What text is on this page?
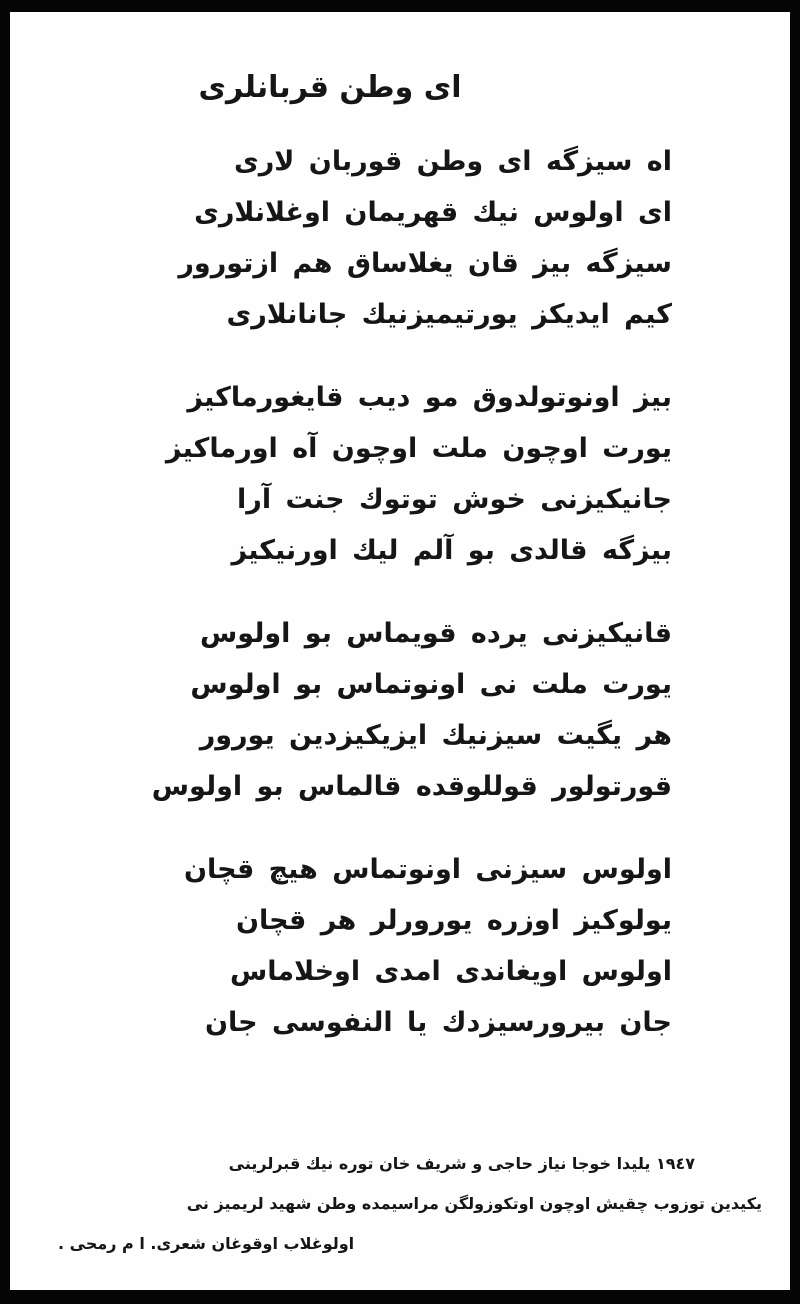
اى وطن قربانلرى
اه سيزگه اى وطن قوربان لارى
اى اولوس نيك قهريمان اوغلانلارى
سيزگه بيز قان يغلاساق هم ازتورور
كيم ايديكز يورتيميزنيك جانانلارى
بيز اونوتولدوق مو ديب قايغورماكيز
يورت اوچون ملت اوچون آه اورماكيز
جانيكيزنى خوش توتوك جنت آرا
بيزگه قالدى بو آلم ليك اورنيكيز
قانيكيزنى يرده قويماس بو اولوس
يورت ملت نى اونوتماس بو اولوس
هر يگيت سيزنيك ايزيكيزدين يورور
قورتولور قوللوقده قالماس بو اولوس
اولوس سيزنى اونوتماس هيچ قچان
يولوكيز اوزره يورورلر هر قچان
اولوس اويغاندى امدى اوخلاماس
جان بيرورسيزدك يا النفوسى جان
١٩٤٧ يليدا خوجا نياز حاجى و شريف خان توره نيك قبرلرينى
يكيدين توزوب چقيش اوچون اوتكوزولگن مراسيمده وطن شهيد لريميز نى
اولوغلاب اوقوغان شعرى. ا م رمحى .
